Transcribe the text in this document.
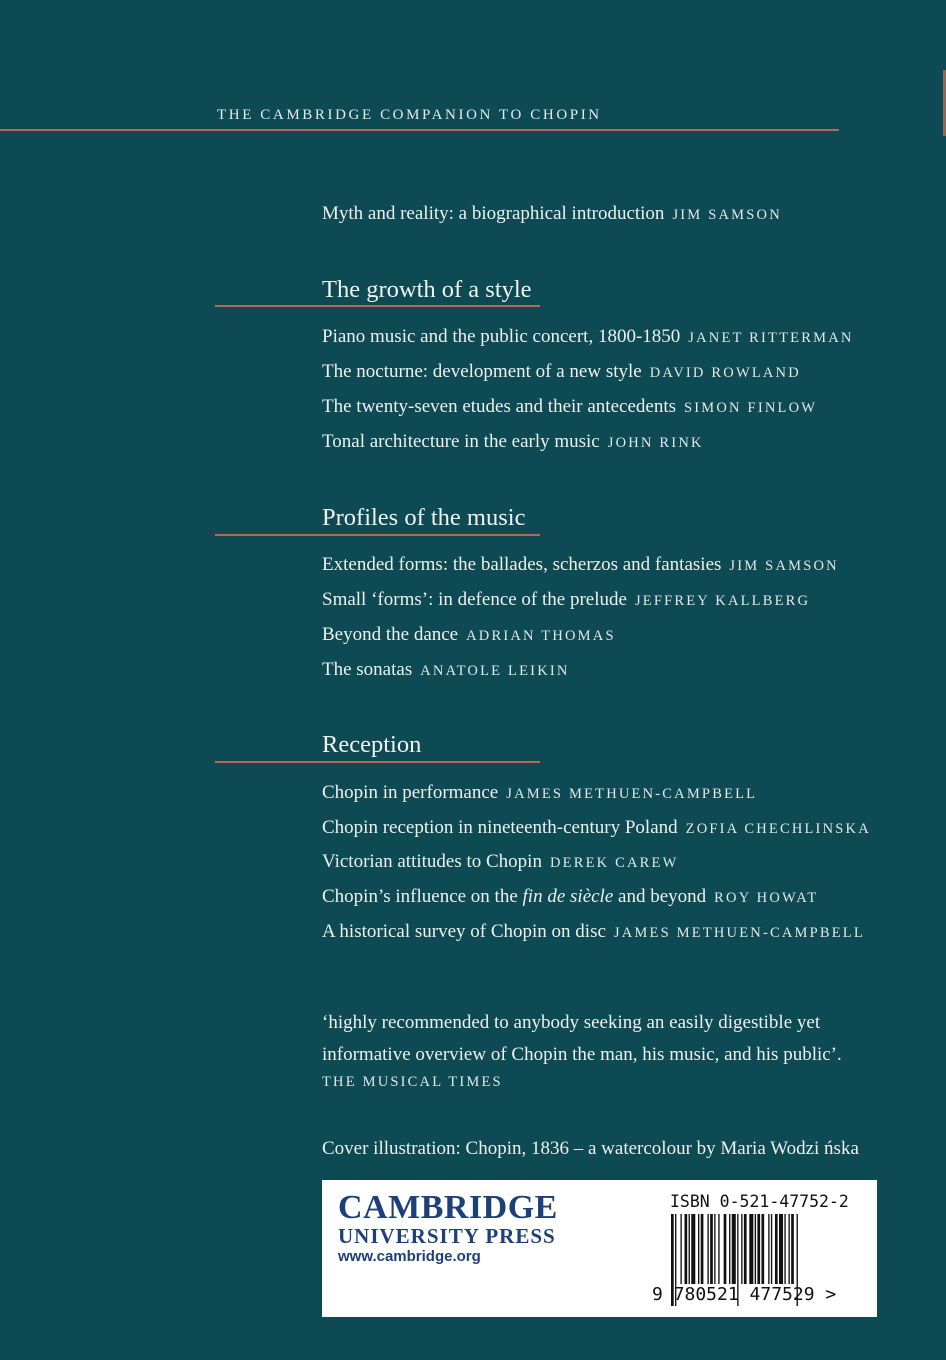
THE CAMBRIDGE COMPANION TO CHOPIN
Myth and reality: a biographical introduction JIM SAMSON
The growth of a style
Piano music and the public concert, 1800-1850 JANET RITTERMAN
The nocturne: development of a new style DAVID ROWLAND
The twenty-seven etudes and their antecedents SIMON FINLOW
Tonal architecture in the early music JOHN RINK
Profiles of the music
Extended forms: the ballades, scherzos and fantasies JIM SAMSON
Small ‘forms’: in defence of the prelude JEFFREY KALLBERG
Beyond the dance ADRIAN THOMAS
The sonatas ANATOLE LEIKIN
Reception
Chopin in performance JAMES METHUEN-CAMPBELL
Chopin reception in nineteenth-century Poland ZOFIA CHECHLINSKA
Victorian attitudes to Chopin DEREK CAREW
Chopin’s influence on the fin de siècle and beyond ROY HOWAT
A historical survey of Chopin on disc JAMES METHUEN-CAMPBELL
‘highly recommended to anybody seeking an easily digestible yet
informative overview of Chopin the man, his music, and his public’.
THE MUSICAL TIMES
Cover illustration: Chopin, 1836 – a watercolour by Maria Wodzi ńska
CAMBRIDGE
UNIVERSITY PRESS
www.cambridge.org
ISBN 0-521-47752-2
9 780521 477529 >
